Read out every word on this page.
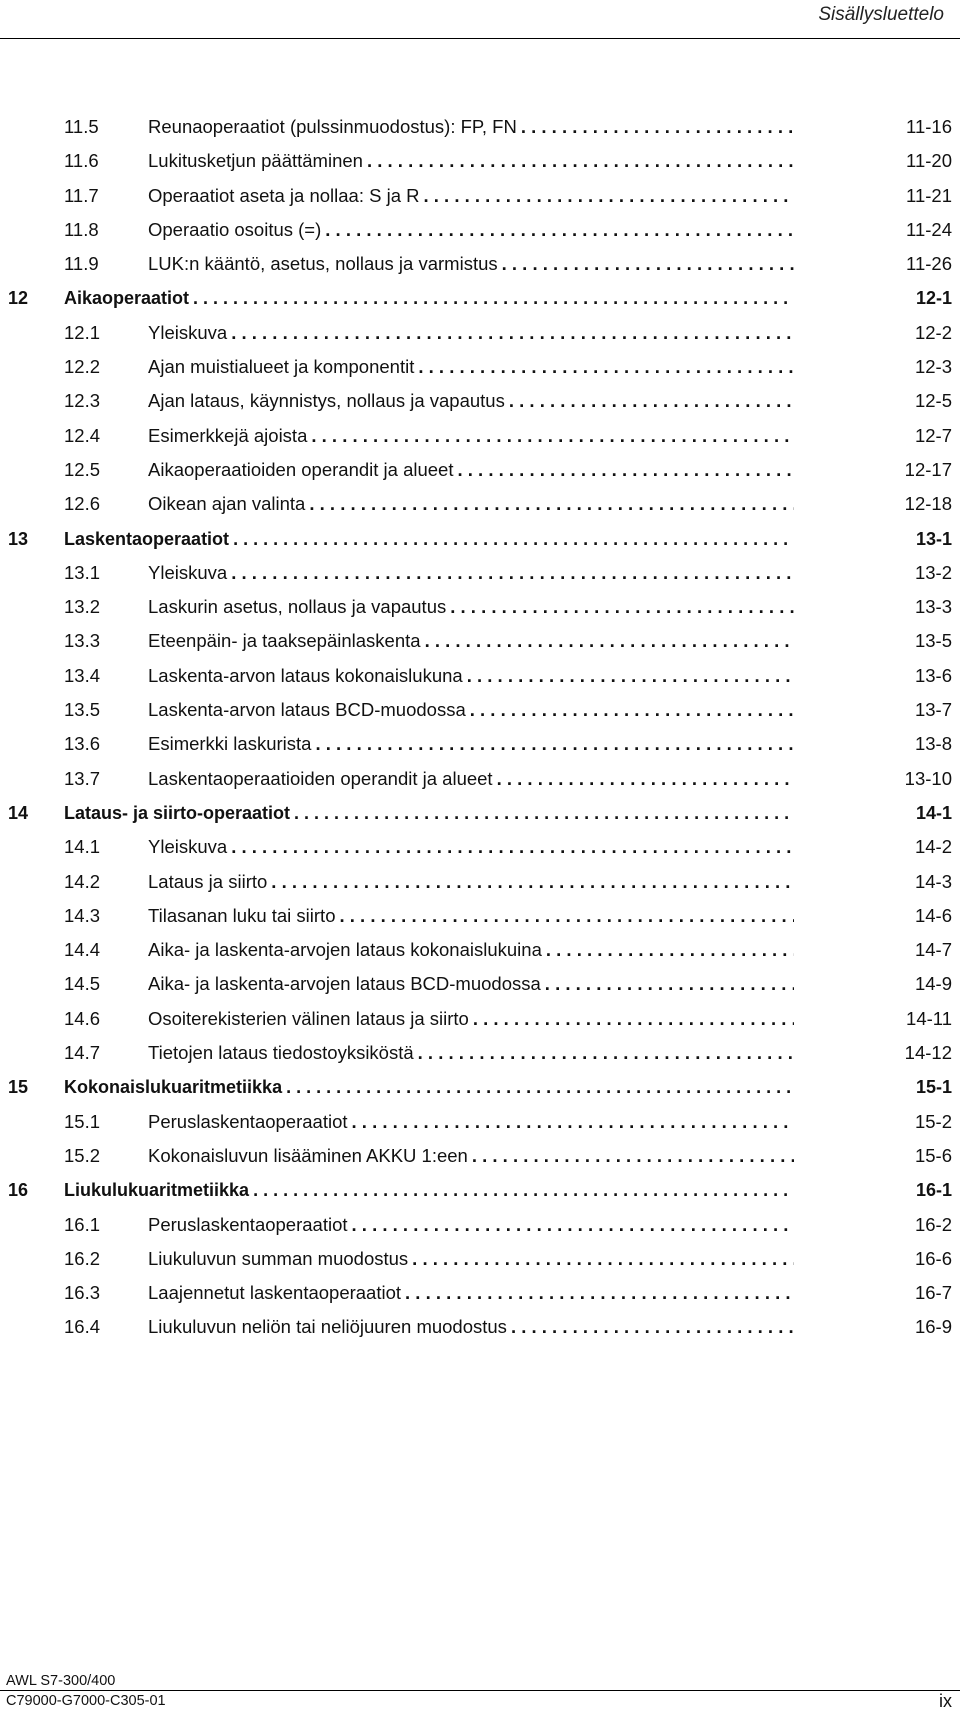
Sisällysluettelo
11.5	Reunaoperaatiot (pulssinmuodostus): FP, FN . . .	11-16
11.6	Lukitusketjun päättäminen . . .	11-20
11.7	Operaatiot aseta ja nollaa: S ja R . . .	11-21
11.8	Operaatio osoitus (=) . . .	11-24
11.9	LUK:n kääntö, asetus, nollaus ja varmistus . . .	11-26
12 Aikaoperaatiot . . .	12-1
12.1	Yleiskuva . . .	12-2
12.2	Ajan muistialueet ja komponentit . . .	12-3
12.3	Ajan lataus, käynnistys, nollaus ja vapautus . . .	12-5
12.4	Esimerkkejä ajoista . . .	12-7
12.5	Aikaoperaatioiden operandit ja alueet . . .	12-17
12.6	Oikean ajan valinta . . .	12-18
13 Laskentaoperaatiot . . .	13-1
13.1	Yleiskuva . . .	13-2
13.2	Laskurin asetus, nollaus ja vapautus . . .	13-3
13.3	Eteenpäin- ja taaksepäinlaskenta . . .	13-5
13.4	Laskenta-arvon lataus kokonaislukuna . . .	13-6
13.5	Laskenta-arvon lataus BCD-muodossa . . .	13-7
13.6	Esimerkki laskurista . . .	13-8
13.7	Laskentaoperaatioiden operandit ja alueet . . .	13-10
14 Lataus- ja siirto-operaatiot . . .	14-1
14.1	Yleiskuva . . .	14-2
14.2	Lataus ja siirto . . .	14-3
14.3	Tilasanan luku tai siirto . . .	14-6
14.4	Aika- ja laskenta-arvojen lataus kokonaislukuina . . .	14-7
14.5	Aika- ja laskenta-arvojen lataus BCD-muodossa . . .	14-9
14.6	Osoiterekisterien välinen lataus ja siirto . . .	14-11
14.7	Tietojen lataus tiedostoyksiköstä . . .	14-12
15 Kokonaislukuaritmetiikka . . .	15-1
15.1	Peruslaskentaoperaatiot . . .	15-2
15.2	Kokonaisluvun lisääminen AKKU 1:een . . .	15-6
16 Liukulukuaritmetiikka . . .	16-1
16.1	Peruslaskentaoperaatiot . . .	16-2
16.2	Liukuluvun summan muodostus . . .	16-6
16.3	Laajennetut laskentaoperaatiot . . .	16-7
16.4	Liukuluvun neliön tai neliöjuuren muodostus . . .	16-9
AWL S7-300/400
C79000-G7000-C305-01	ix
